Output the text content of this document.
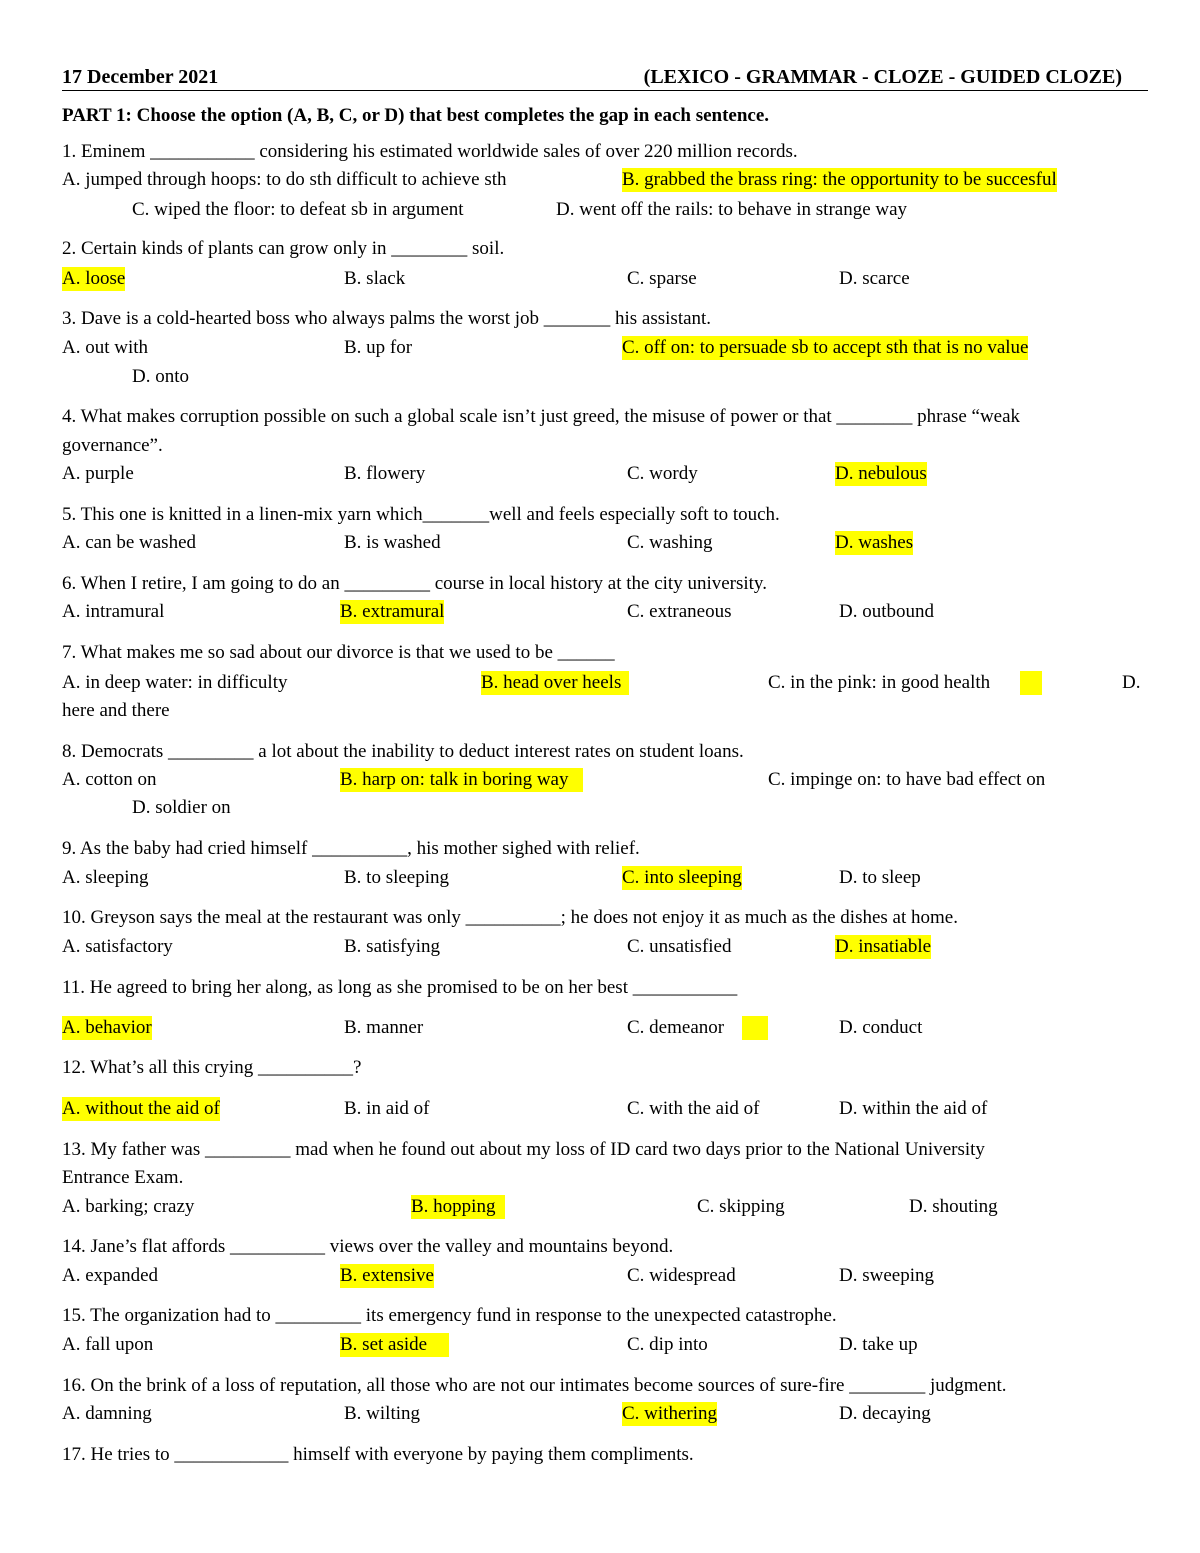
17 December 2021	(LEXICO - GRAMMAR - CLOZE - GUIDED CLOZE)
PART 1: Choose the option (A, B, C, or D) that best completes the gap in each sentence.
1. Eminem ___________ considering his estimated worldwide sales of over 220 million records.
A. jumped through hoops: to do sth difficult to achieve sth	B. grabbed the brass ring: the opportunity to be succesful
C. wiped the floor: to defeat sb in argument	D. went off the rails: to behave in strange way
2. Certain kinds of plants can grow only in ________ soil.
A. loose	B. slack	C. sparse	D. scarce
3. Dave is a cold-hearted boss who always palms the worst job _______ his assistant.
A. out with	B. up for	C. off on: to persuade sb to accept sth that is no value
D. onto
4. What makes corruption possible on such a global scale isn’t just greed, the misuse of power or that ________ phrase “weak
governance”.
A. purple	B. flowery	C. wordy	D. nebulous
5. This one is knitted in a linen-mix yarn which_______well and feels especially soft to touch.
A. can be washed	B. is washed	C. washing	D. washes
6. When I retire, I am going to do an _________ course in local history at the city university.
A. intramural	B. extramural	C. extraneous	D. outbound
7. What makes me so sad about our divorce is that we used to be ______
A. in deep water: in difficulty	B. head over heels	C. in the pink: in good health	D.
here and there
8. Democrats _________ a lot about the inability to deduct interest rates on student loans.
A. cotton on	B. harp on: talk in boring way	C. impinge on: to have bad effect on
D. soldier on
9. As the baby had cried himself __________, his mother sighed with relief.
A. sleeping	B. to sleeping	C. into sleeping	D. to sleep
10. Greyson says the meal at the restaurant was only __________; he does not enjoy it as much as the dishes at home.
A. satisfactory	B. satisfying	C. unsatisfied	D. insatiable
11. He agreed to bring her along, as long as she promised to be on her best ___________
A. behavior	B. manner	C. demeanor	D. conduct
12. What’s all this crying __________?
A. without the aid of	B. in aid of	C. with the aid of	D. within the aid of
13. My father was _________ mad when he found out about my loss of ID card two days prior to the National University
Entrance Exam.
A. barking; crazy	B. hopping	C. skipping	D. shouting
14. Jane’s flat affords __________ views over the valley and mountains beyond.
A. expanded	B. extensive	C. widespread	D. sweeping
15. The organization had to _________ its emergency fund in response to the unexpected catastrophe.
A. fall upon	B. set aside	C. dip into	D. take up
16. On the brink of a loss of reputation, all those who are not our intimates become sources of sure-fire ________ judgment.
A. damning	B. wilting	C. withering	D. decaying
17. He tries to ____________ himself with everyone by paying them compliments.
